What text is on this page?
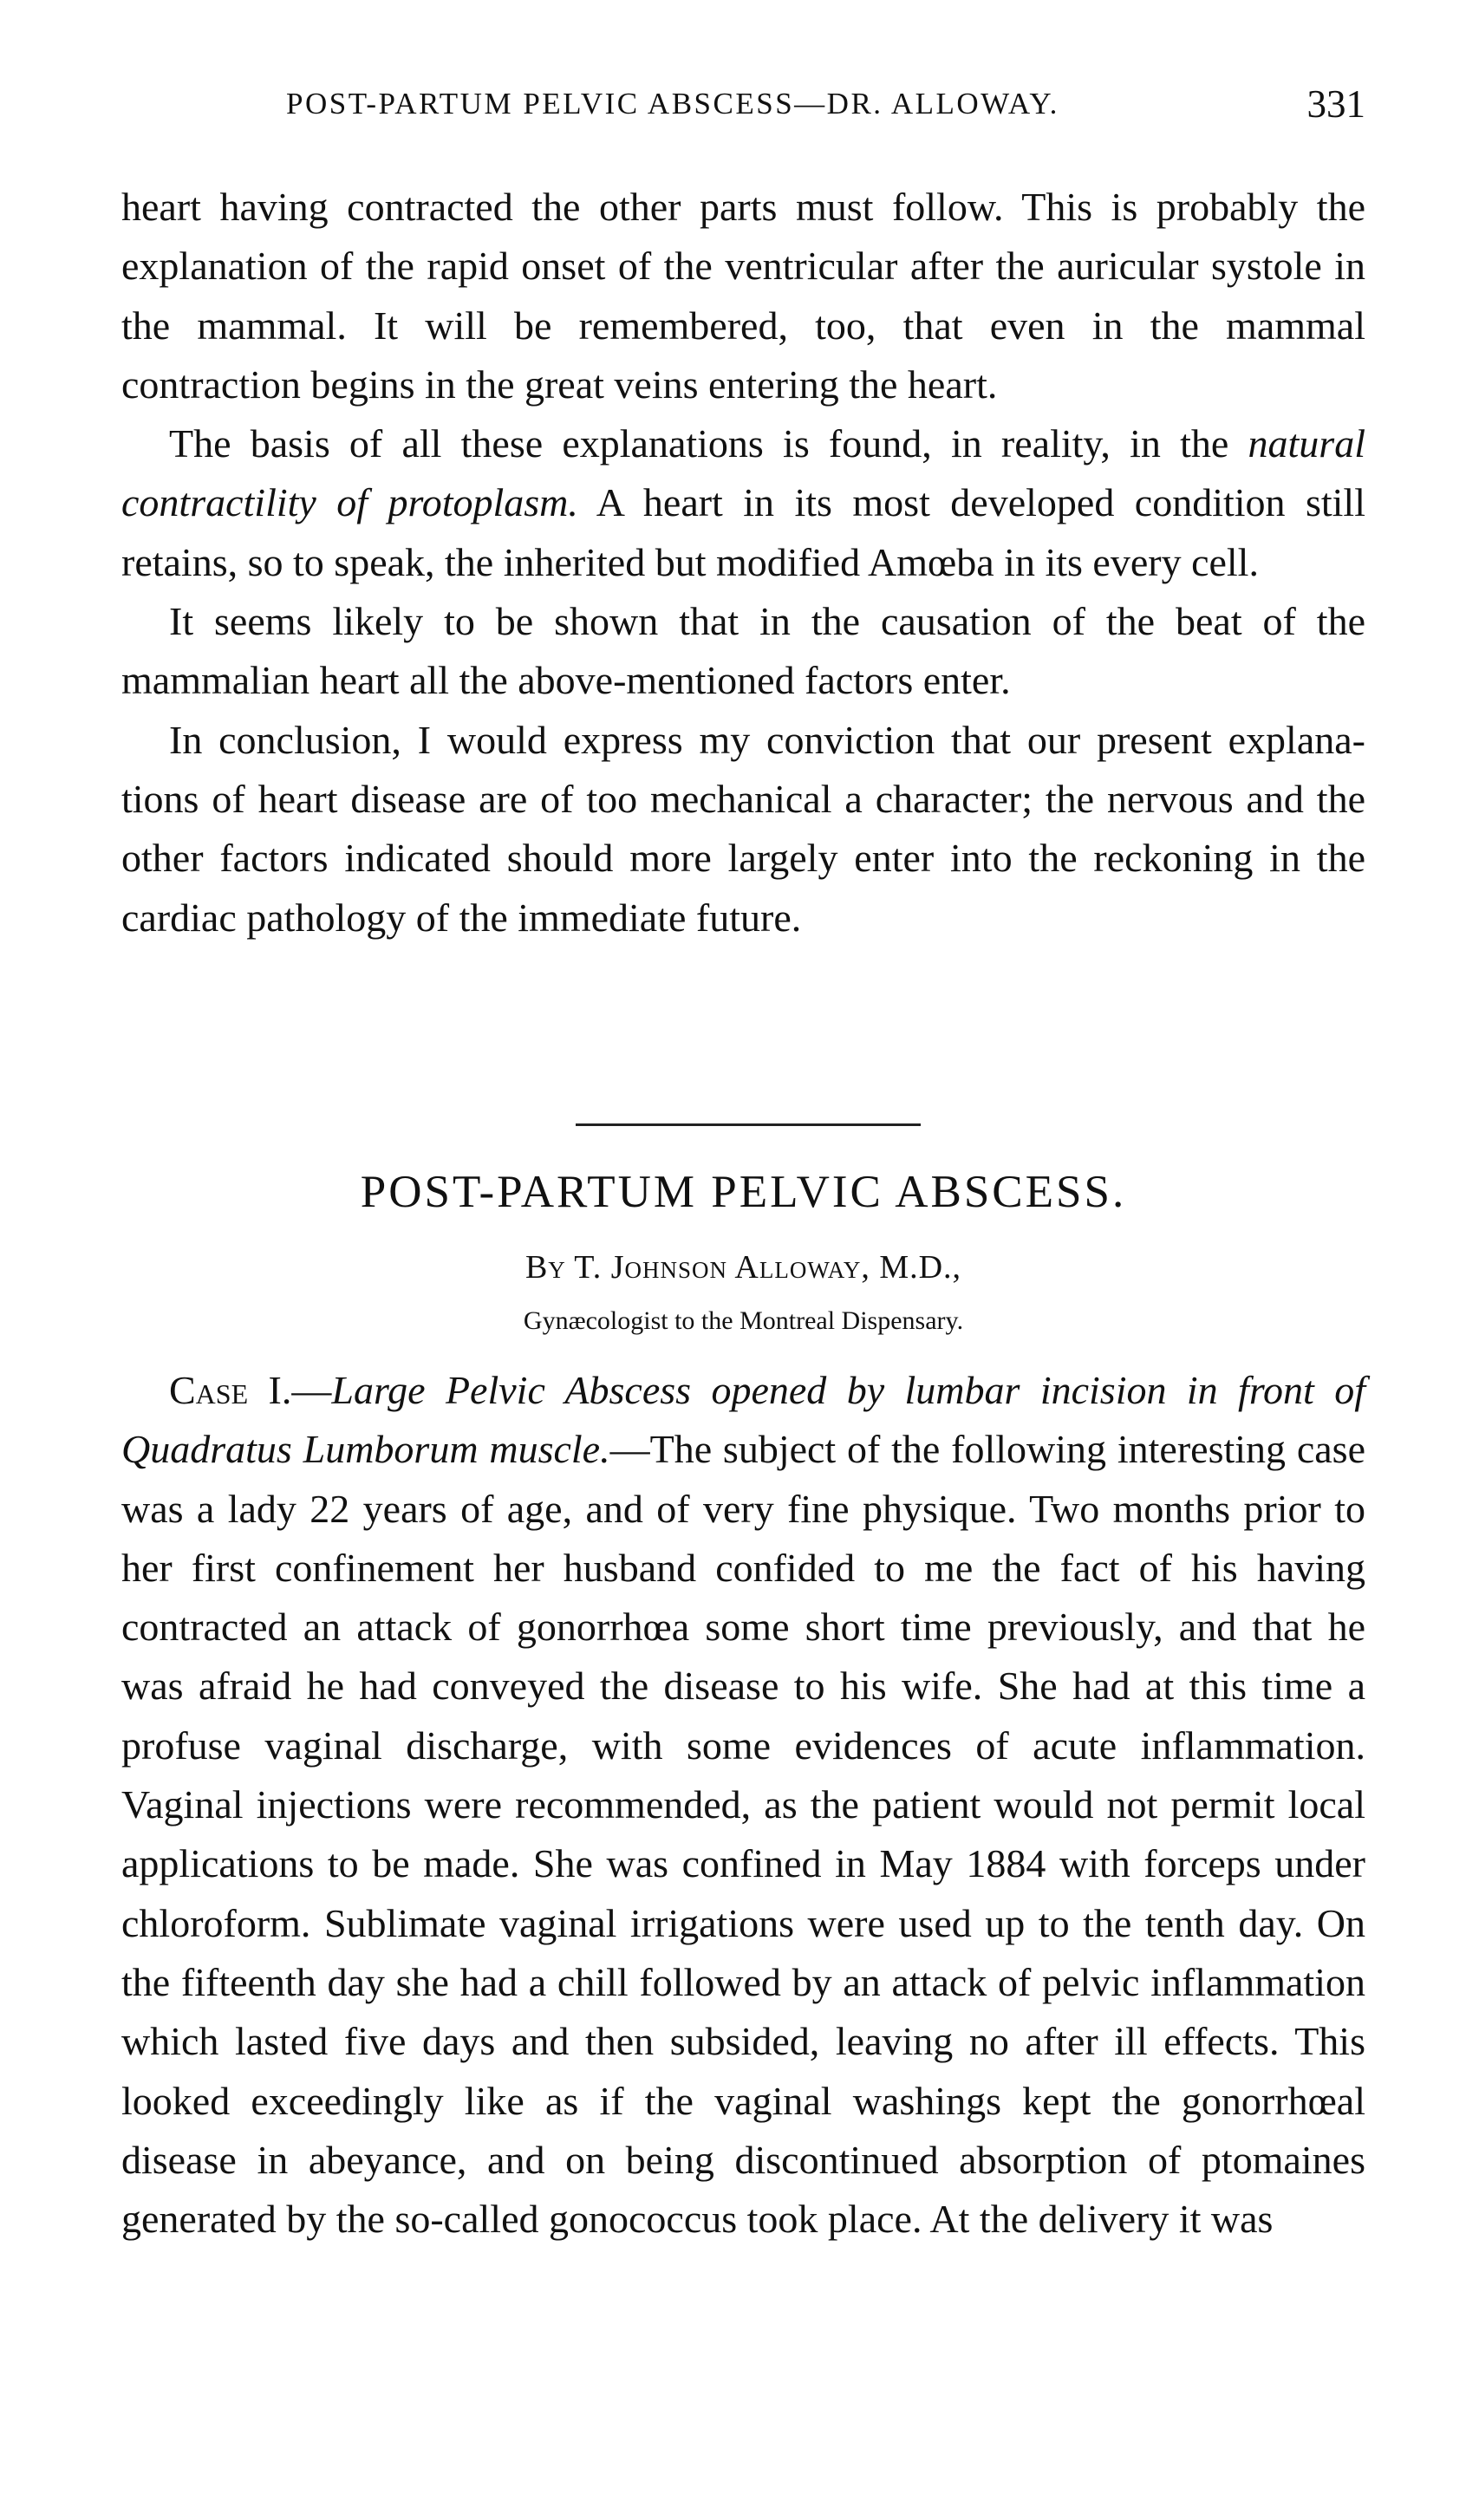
POST-PARTUM PELVIC ABSCESS—DR. ALLOWAY.	331

heart having contracted the other parts must follow. This is probably the explanation of the rapid onset of the ventricular after the auricular systole in the mammal. It will be remembered, too, that even in the mammal contraction begins in the great veins entering the heart.

The basis of all these explanations is found, in reality, in the natural contractility of protoplasm. A heart in its most developed condition still retains, so to speak, the inherited but modified Amœba in its every cell.

It seems likely to be shown that in the causation of the beat of the mammalian heart all the above-mentioned factors enter.

In conclusion, I would express my conviction that our present explanations of heart disease are of too mechanical a character; the nervous and the other factors indicated should more largely enter into the reckoning in the cardiac pathology of the immediate future.

POST-PARTUM PELVIC ABSCESS.
By T. Johnson Alloway, M.D.,
Gynæcologist to the Montreal Dispensary.

Case I.—Large Pelvic Abscess opened by lumbar incision in front of Quadratus Lumborum muscle.—The subject of the following interesting case was a lady 22 years of age, and of very fine physique. Two months prior to her first confinement her husband confided to me the fact of his having contracted an attack of gonorrhœa some short time previously, and that he was afraid he had conveyed the disease to his wife. She had at this time a profuse vaginal discharge, with some evidences of acute inflammation. Vaginal injections were recommended, as the patient would not permit local applications to be made. She was confined in May 1884 with forceps under chloroform. Sublimate vaginal irrigations were used up to the tenth day. On the fifteenth day she had a chill followed by an attack of pelvic inflammation which lasted five days and then subsided, leaving no after ill effects. This looked exceedingly like as if the vaginal washings kept the gonorrhœal disease in abeyance, and on being discontinued absorption of ptomaines generated by the so-called gonococcus took place. At the delivery it was
